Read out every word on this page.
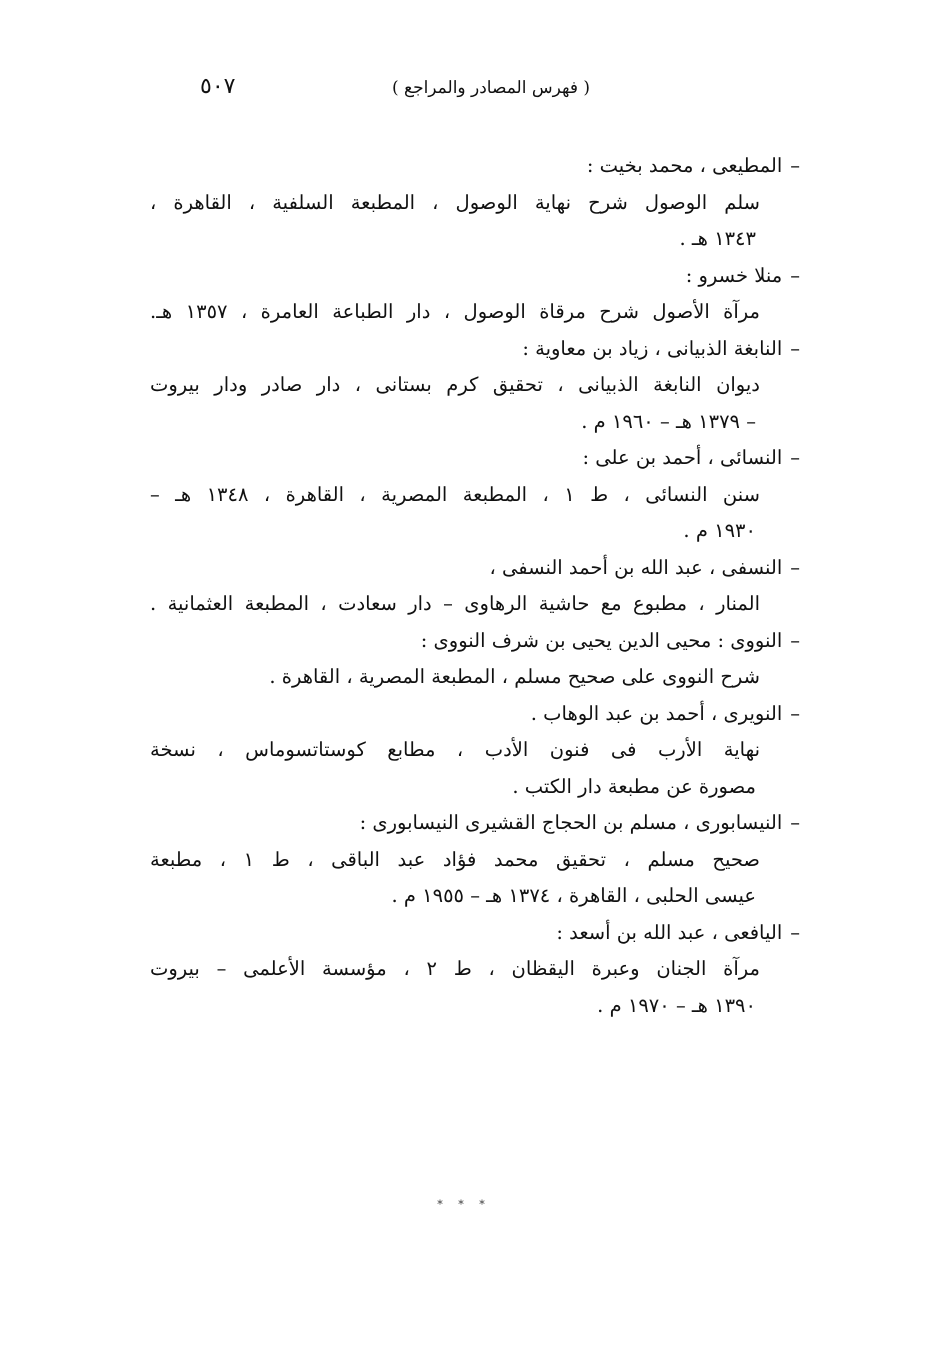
( فهرس المصادر والمراجع )
٥٠٧
–المطيعى ، محمد بخيت :
سلم الوصول شرح نهاية الوصول ، المطبعة السلفية ، القاهرة ،
١٣٤٣ هـ .
–منلا خسرو :
مرآة الأصول شرح مرقاة الوصول ، دار الطباعة العامرة ، ١٣٥٧ هـ.
–النابغة الذبيانى ، زياد بن معاوية :
ديوان النابغة الذبيانى ، تحقيق كرم بستانى ، دار صادر ودار بيروت
– ١٣٧٩ هـ – ١٩٦٠ م .
–النسائى ، أحمد بن على :
سنن النسائى ، ط ١ ، المطبعة المصرية ، القاهرة ، ١٣٤٨ هـ –
١٩٣٠ م .
–النسفى ، عبد الله بن أحمد النسفى ،
المنار ، مطبوع مع حاشية الرهاوى – دار سعادت ، المطبعة العثمانية .
–النووى : محيى الدين يحيى بن شرف النووى :
شرح النووى على صحيح مسلم ، المطبعة المصرية ، القاهرة .
–النويرى ، أحمد بن عبد الوهاب .
نهاية الأرب فى فنون الأدب ، مطابع كوستاتسوماس ، نسخة
مصورة عن مطبعة دار الكتب .
–النيسابورى ، مسلم بن الحجاج القشيرى النيسابورى :
صحيح مسلم ، تحقيق محمد فؤاد عبد الباقى ، ط ١ ، مطبعة
عيسى الحلبى ، القاهرة ، ١٣٧٤ هـ – ١٩٥٥ م .
–اليافعى ، عبد الله بن أسعد :
مرآة الجنان وعبرة اليقظان ، ط ٢ ، مؤسسة الأعلمى – بيروت
١٣٩٠ هـ – ١٩٧٠ م .
* * *
